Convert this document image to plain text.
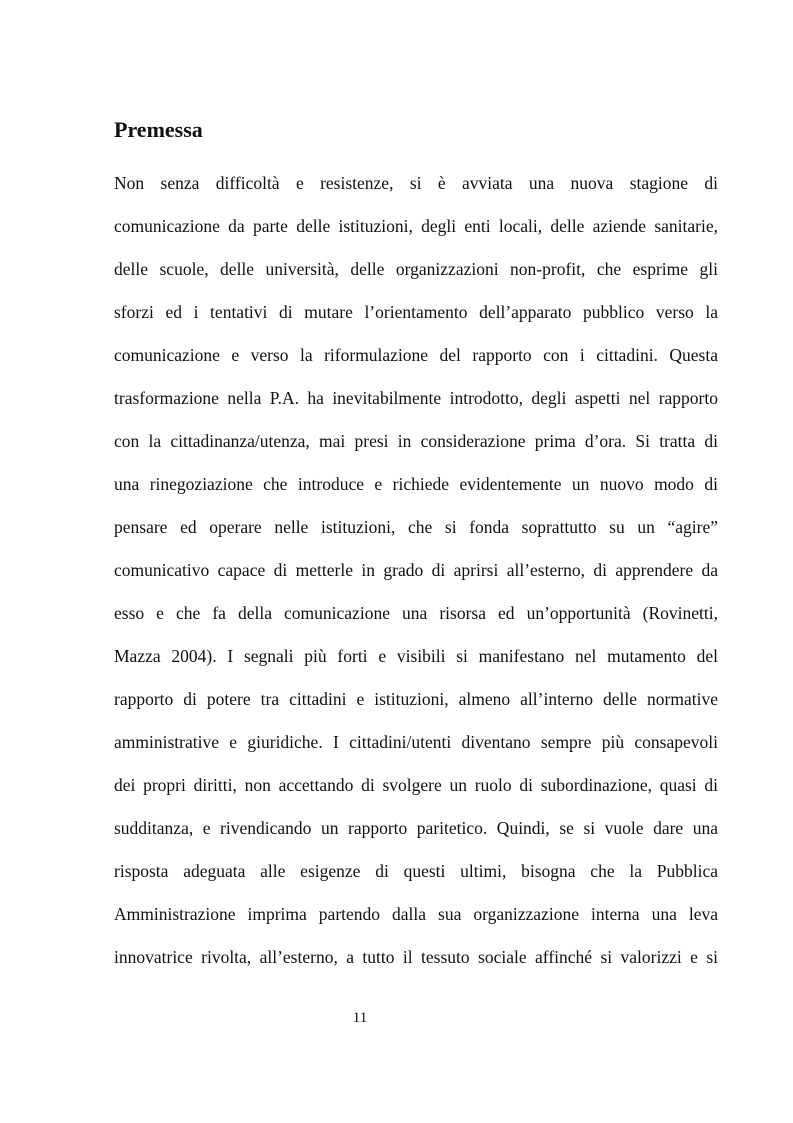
Premessa
Non senza difficoltà e resistenze, si è avviata una nuova stagione di
comunicazione da parte delle istituzioni, degli enti locali, delle aziende sanitarie,
delle scuole, delle università, delle organizzazioni non-profit, che esprime gli
sforzi ed i tentativi di mutare l’orientamento dell’apparato pubblico verso la
comunicazione e verso la riformulazione del rapporto con i cittadini. Questa
trasformazione nella P.A. ha inevitabilmente introdotto, degli aspetti nel rapporto
con la cittadinanza/utenza, mai presi in considerazione prima d’ora. Si tratta di
una rinegoziazione che introduce e richiede evidentemente un nuovo modo di
pensare ed operare nelle istituzioni, che si fonda soprattutto su un “agire”
comunicativo capace di metterle in grado di aprirsi all’esterno, di apprendere da
esso e che fa della comunicazione una risorsa ed un’opportunità (Rovinetti,
Mazza 2004). I segnali più forti e visibili si manifestano nel mutamento del
rapporto di potere tra cittadini e istituzioni, almeno all’interno delle normative
amministrative e giuridiche. I cittadini/utenti diventano sempre più consapevoli
dei propri diritti, non accettando di svolgere un ruolo di subordinazione, quasi di
sudditanza, e rivendicando un rapporto paritetico. Quindi, se si vuole dare una
risposta adeguata alle esigenze di questi ultimi, bisogna che la Pubblica
Amministrazione imprima partendo dalla sua organizzazione interna una leva
innovatrice rivolta, all’esterno, a tutto il tessuto sociale affinché si valorizzi e si
11
